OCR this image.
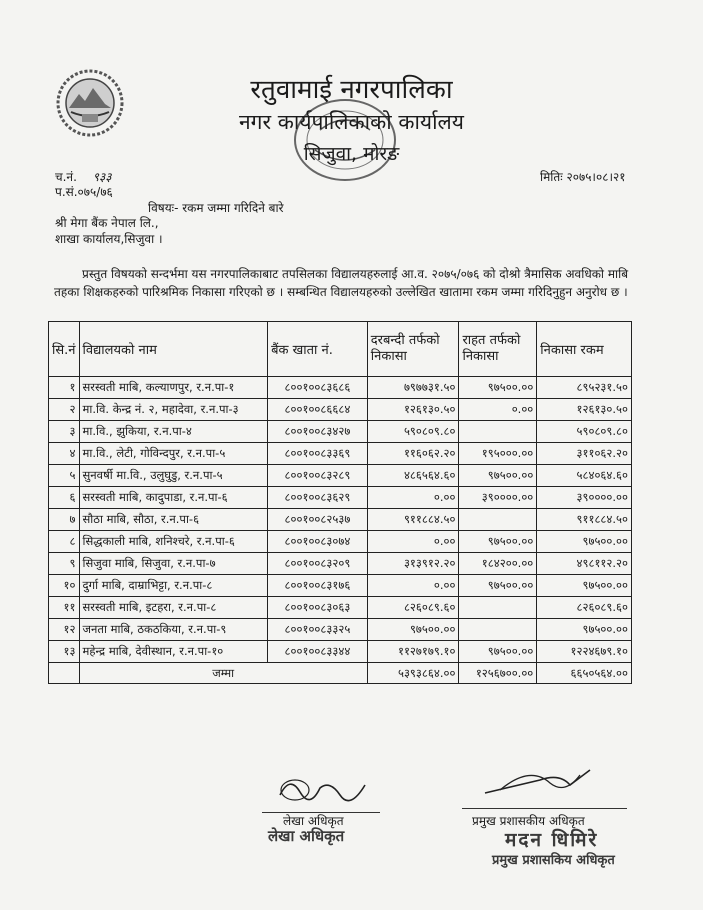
रतुवामाई नगरपालिका
नगर कार्यपालिकाको कार्यालय
सिजुवा, मोरङ
च.नं. ९३३
प.सं.०७५/७६
मितिः २०७५।०८।२१
विषयः- रकम जम्मा गरिदिने बारे
श्री मेगा बैंक नेपाल लि.,
शाखा कार्यालय,सिजुवा ।
प्रस्तुत विषयको सन्दर्भमा यस नगरपालिकाबाट तपसिलका विद्यालयहरुलाई आ.व. २०७५/०७६ को दोश्रो त्रैमासिक अवधिको माबि तहका शिक्षकहरुको पारिश्रमिक निकासा गरिएको छ । सम्बन्धित विद्यालयहरुको उल्लेखित खातामा रकम जम्मा गरिदिनुहुन अनुरोध छ ।
सि.नं	विद्यालयको नाम	बैंक खाता नं.	दरबन्दी तर्फको निकासा	राहत तर्फको निकासा	निकासा रकम
१	सरस्वती माबि, कल्याणपुर, र.न.पा-१	८००१००८३६८६	७९७७३१.५०	९७५००.००	८९५२३१.५०
२	मा.वि. केन्द्र नं. २, महादेवा, र.न.पा-३	८००१००८६६८४	१२६१३०.५०	०.००	१२६१३०.५०
३	मा.वि., झुकिया, र.न.पा-४	८००१००८३४२७	५९०८०९.८०		५९०८०९.८०
४	मा.वि., लेटी, गोविन्दपुर, र.न.पा-५	८००१००८३३६९	११६०६२.२०	१९५०००.००	३११०६२.२०
५	सुनवर्षी मा.वि., उलुघुडु, र.न.पा-५	८००१००८३२८९	४८६५६४.६०	९७५००.००	५८४०६४.६०
६	सरस्वती माबि, कादुपाडा, र.न.पा-६	८००१००८३६२९	०.००	३९००००.००	३९००००.००
७	सौठा माबि, सौठा, र.न.पा-६	८००१००८२५३७	९११८८४.५०		९११८८४.५०
८	सिद्धकाली माबि, शनिश्चरे, र.न.पा-६	८००१००८३०७४	०.००	९७५००.००	९७५००.००
९	सिजुवा माबि, सिजुवा, र.न.पा-७	८००१००८३२०९	३१३९१२.२०	१८४२००.००	४९८११२.२०
१०	दुर्गा माबि, दाम्राभिट्टा, र.न.पा-८	८००१००८३१७६	०.००	९७५००.००	९७५००.००
११	सरस्वती माबि, इटहरा, र.न.पा-८	८००१००८३०६३	८२६०८९.६०		८२६०८९.६०
१२	जनता माबि, ठकठकिया, र.न.पा-९	८००१००८३३२५	९७५००.००		९७५००.००
१३	महेन्द्र माबि, देवीस्थान, र.न.पा-१०	८००१००८३३४४	११२७१७९.१०	९७५००.००	१२२४६७९.१०
	जम्मा		५३९३८६४.००	१२५६७००.००	६६५०५६४.००
लेखा अधिकृत
लेखा अधिकृत
प्रमुख प्रशासकीय अधिकृत
मदन धिमिरे
प्रमुख प्रशासकिय अधिकृत
